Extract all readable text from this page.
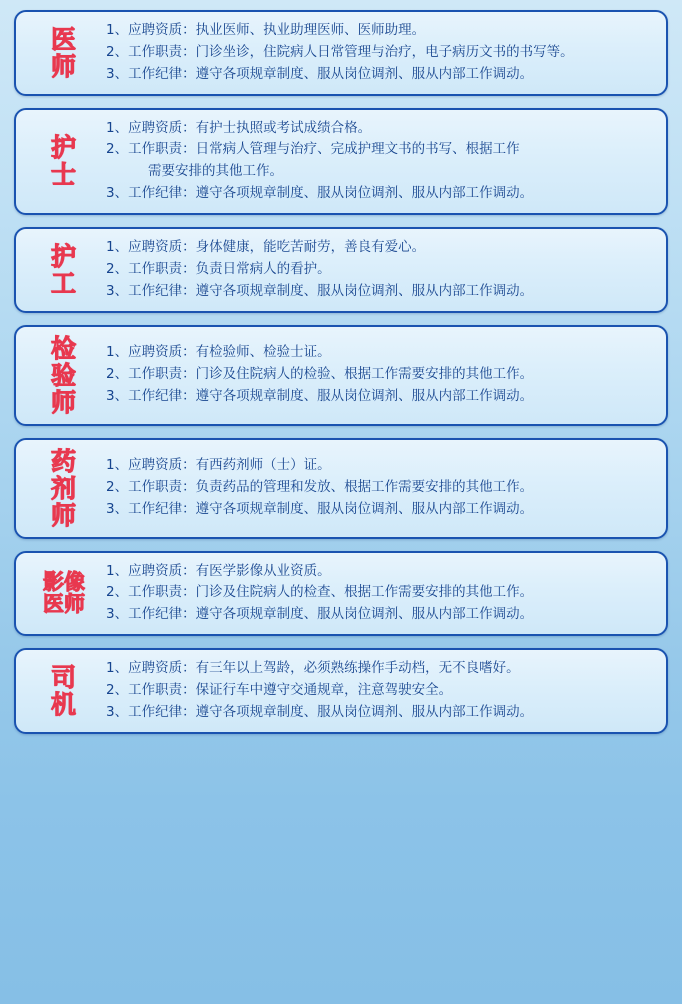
医
师
1、应聘资质：执业医师、执业助理医师、医师助理。
2、工作职责：门诊坐诊，住院病人日常管理与治疗，电子病历文书的书写等。
3、工作纪律：遵守各项规章制度、服从岗位调剂、服从内部工作调动。
护
士
1、应聘资质：有护士执照或考试成绩合格。
2、工作职责：日常病人管理与治疗、完成护理文书的书写、根据工作
需要安排的其他工作。
3、工作纪律：遵守各项规章制度、服从岗位调剂、服从内部工作调动。
护
工
1、应聘资质：身体健康，能吃苦耐劳，善良有爱心。
2、工作职责：负责日常病人的看护。
3、工作纪律：遵守各项规章制度、服从岗位调剂、服从内部工作调动。
检
验
师
1、应聘资质：有检验师、检验士证。
2、工作职责：门诊及住院病人的检验、根据工作需要安排的其他工作。
3、工作纪律：遵守各项规章制度、服从岗位调剂、服从内部工作调动。
药
剂
师
1、应聘资质：有西药剂师（士）证。
2、工作职责：负责药品的管理和发放、根据工作需要安排的其他工作。
3、工作纪律：遵守各项规章制度、服从岗位调剂、服从内部工作调动。
影像
医师
1、应聘资质：有医学影像从业资质。
2、工作职责：门诊及住院病人的检查、根据工作需要安排的其他工作。
3、工作纪律：遵守各项规章制度、服从岗位调剂、服从内部工作调动。
司
机
1、应聘资质：有三年以上驾龄，必须熟练操作手动档，无不良嗜好。
2、工作职责：保证行车中遵守交通规章，注意驾驶安全。
3、工作纪律：遵守各项规章制度、服从岗位调剂、服从内部工作调动。
